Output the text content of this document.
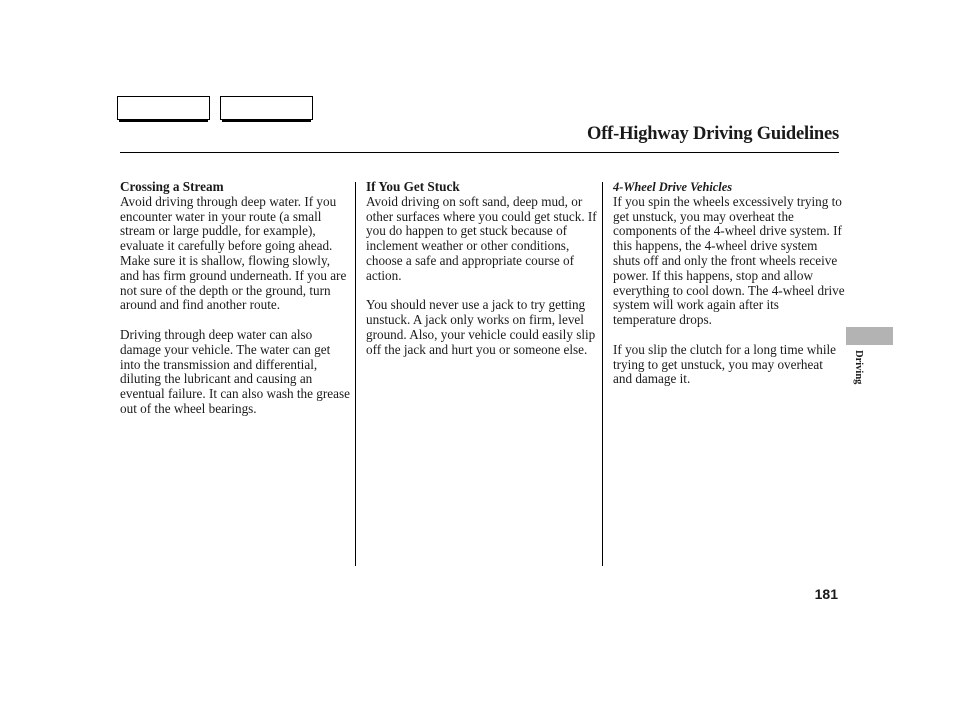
Off-Highway Driving Guidelines
Crossing a Stream

Avoid driving through deep water. If you encounter water in your route (a small stream or large puddle, for example), evaluate it carefully before going ahead. Make sure it is shallow, flowing slowly, and has firm ground underneath. If you are not sure of the depth or the ground, turn around and find another route.

Driving through deep water can also damage your vehicle. The water can get into the transmission and differential, diluting the lubricant and causing an eventual failure. It can also wash the grease out of the wheel bearings.

If You Get Stuck

Avoid driving on soft sand, deep mud, or other surfaces where you could get stuck. If you do happen to get stuck because of inclement weather or other conditions, choose a safe and appropriate course of action.

You should never use a jack to try getting unstuck. A jack only works on firm, level ground. Also, your vehicle could easily slip off the jack and hurt you or someone else.

4-Wheel Drive Vehicles

If you spin the wheels excessively trying to get unstuck, you may overheat the components of the 4-wheel drive system. If this happens, the 4-wheel drive system shuts off and only the front wheels receive power. If this happens, stop and allow everything to cool down. The 4-wheel drive system will work again after its temperature drops.

If you slip the clutch for a long time while trying to get unstuck, you may overheat and damage it.	Driving
181
